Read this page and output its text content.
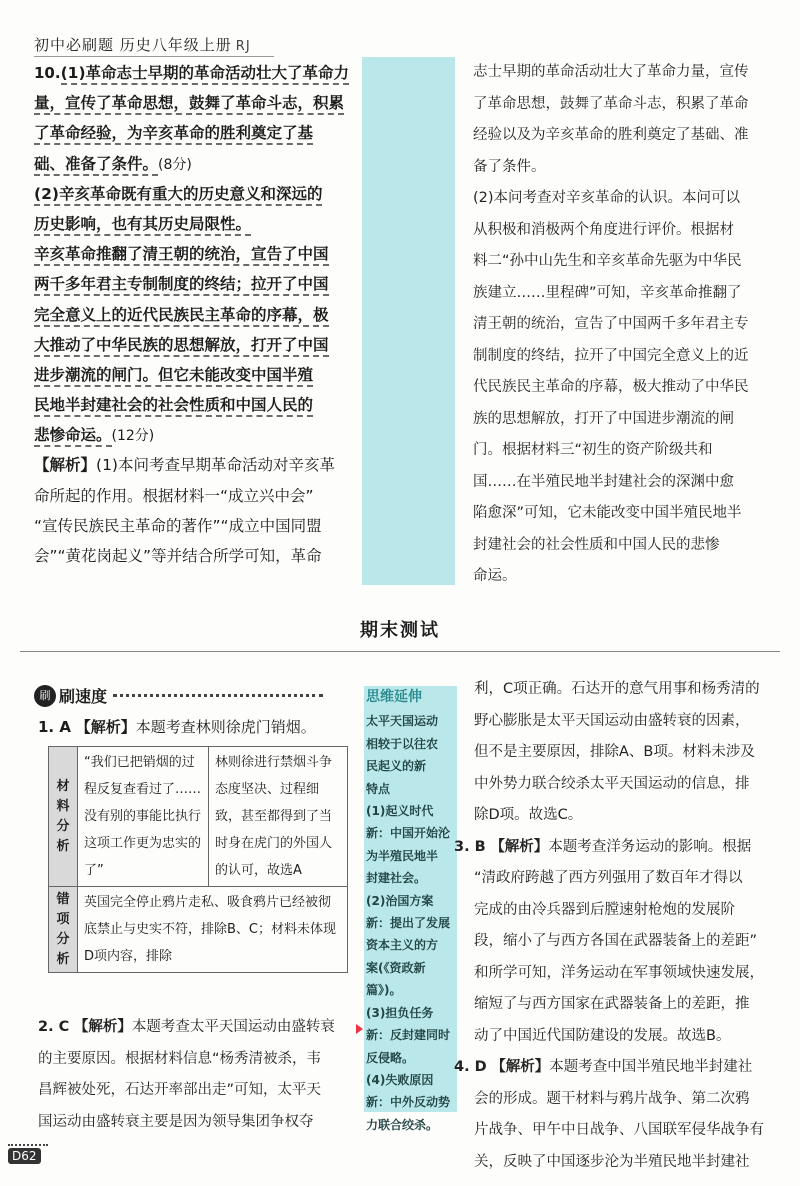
初中必刷题 历史八年级上册 RJ
10.(1)革命志士早期的革命活动壮大了革命力
量，宣传了革命思想，鼓舞了革命斗志，积累
了革命经验，为辛亥革命的胜利奠定了基
础、准备了条件。(8分)
(2)辛亥革命既有重大的历史意义和深远的
历史影响，也有其历史局限性。
辛亥革命推翻了清王朝的统治，宣告了中国
两千多年君主专制制度的终结；拉开了中国
完全意义上的近代民族民主革命的序幕，极
大推动了中华民族的思想解放，打开了中国
进步潮流的闸门。但它未能改变中国半殖
民地半封建社会的社会性质和中国人民的
悲惨命运。(12分)
【解析】(1)本问考查早期革命活动对辛亥革
命所起的作用。根据材料一“成立兴中会”
“宣传民族民主革命的著作”“成立中国同盟
会”“黄花岗起义”等并结合所学可知，革命
志士早期的革命活动壮大了革命力量，宣传
了革命思想，鼓舞了革命斗志，积累了革命
经验以及为辛亥革命的胜利奠定了基础、准
备了条件。
(2)本问考查对辛亥革命的认识。本问可以
从积极和消极两个角度进行评价。根据材
料二“孙中山先生和辛亥革命先驱为中华民
族建立……里程碑”可知，辛亥革命推翻了
清王朝的统治，宣告了中国两千多年君主专
制制度的终结，拉开了中国完全意义上的近
代民族民主革命的序幕，极大推动了中华民
族的思想解放，打开了中国进步潮流的闸
门。根据材料三“初生的资产阶级共和
国……在半殖民地半封建社会的深渊中愈
陷愈深”可知，它未能改变中国半殖民地半
封建社会的社会性质和中国人民的悲惨
命运。
期末测试
刷 刷速度
1. A 【解析】本题考查林则徐虎门销烟。
材料分析	“我们已把销烟的过程反复查看过了……没有别的事能比执行这项工作更为忠实的了”	林则徐进行禁烟斗争态度坚决、过程细致，甚至都得到了当时身在虎门的外国人的认可，故选A
错项分析	英国完全停止鸦片走私、吸食鸦片已经被彻底禁止与史实不符，排除B、C；材料未体现D项内容，排除	
思维延伸
太平天国运动
相较于以往农
民起义的新
特点
(1)起义时代
新：中国开始沦
为半殖民地半
封建社会。
(2)治国方案
新：提出了发展
资本主义的方
案(《资政新篇》)。
(3)担负任务
新：反封建同时
反侵略。
(4)失败原因
新：中外反动势
力联合绞杀。
2. C 【解析】本题考查太平天国运动由盛转衰
的主要原因。根据材料信息“杨秀清被杀，韦
昌辉被处死，石达开率部出走”可知，太平天
国运动由盛转衰主要是因为领导集团争权夺
利，C项正确。石达开的意气用事和杨秀清的
野心膨胀是太平天国运动由盛转衰的因素，
但不是主要原因，排除A、B项。材料未涉及
中外势力联合绞杀太平天国运动的信息，排
除D项。故选C。
3. B 【解析】本题考查洋务运动的影响。根据
“清政府跨越了西方列强用了数百年才得以
完成的由冷兵器到后膛速射枪炮的发展阶
段，缩小了与西方各国在武器装备上的差距”
和所学可知，洋务运动在军事领域快速发展，
缩短了与西方国家在武器装备上的差距，推
动了中国近代国防建设的发展。故选B。
4. D 【解析】本题考查中国半殖民地半封建社
会的形成。题干材料与鸦片战争、第二次鸦
片战争、甲午中日战争、八国联军侵华战争有
关，反映了中国逐步沦为半殖民地半封建社
D62
